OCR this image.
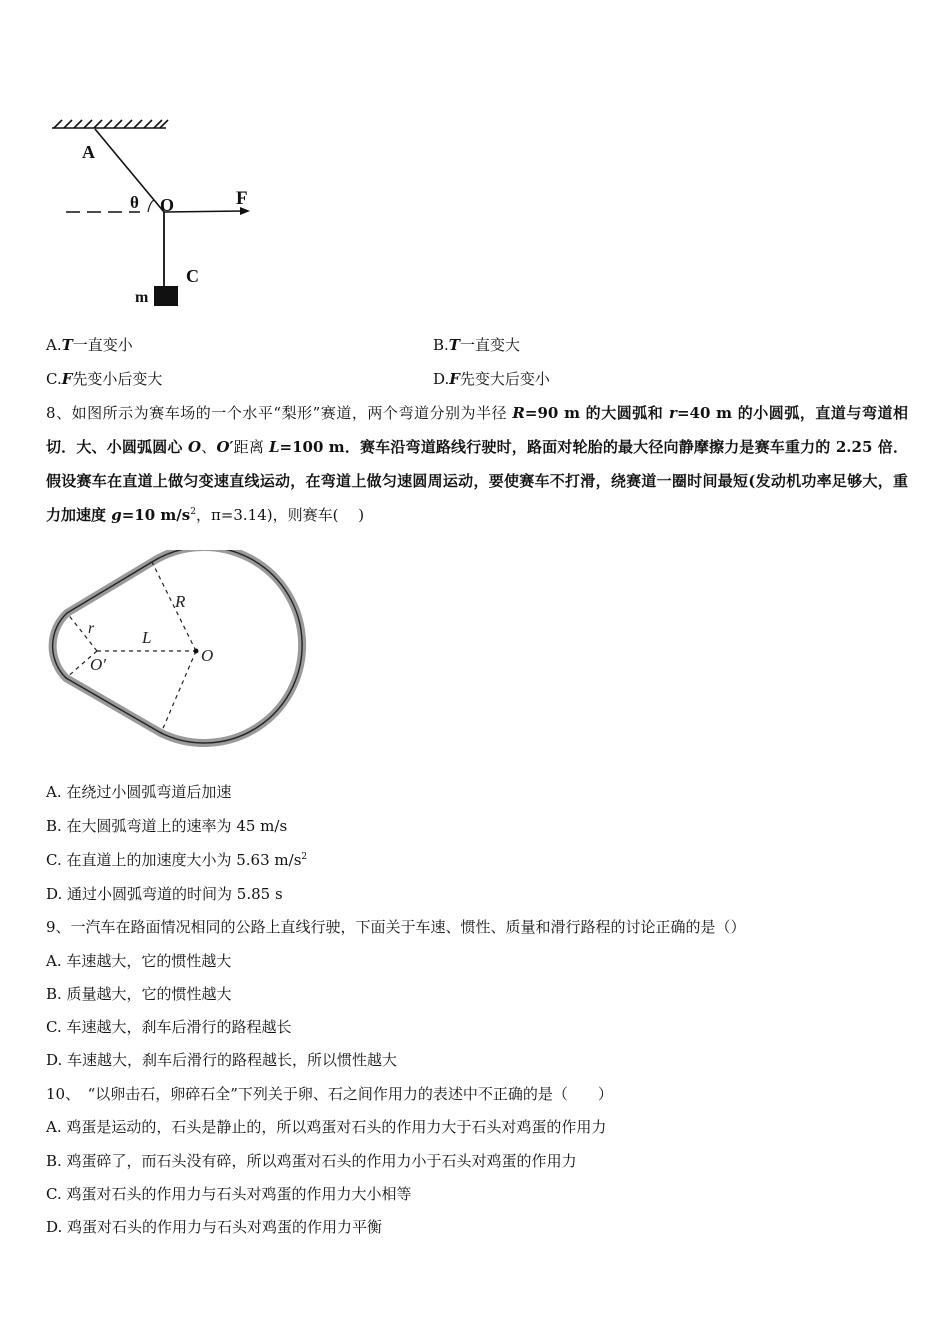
A
θ O	F
C
m
A.T一直变小	B.T一直变大
C.F先变小后变大	D.F先变大后变小
8、如图所示为赛车场的一个水平“梨形”赛道，两个弯道分别为半径 R=90 m 的大圆弧和 r=40 m 的小圆弧，直道与弯道相切．大、小圆弧圆心 O、O′距离 L=100 m．赛车沿弯道路线行驶时，路面对轮胎的最大径向静摩擦力是赛车重力的 2.25 倍．假设赛车在直道上做匀变速直线运动，在弯道上做匀速圆周运动，要使赛车不打滑，绕赛道一圈时间最短(发动机功率足够大，重力加速度 g=10 $m/s^2$，π=3.14)，则赛车(　 )
R
r	L
O
O′
A. 在绕过小圆弧弯道后加速
B. 在大圆弧弯道上的速率为 45 m/s
C. 在直道上的加速度大小为 5.63 $m/s^2$
D. 通过小圆弧弯道的时间为 5.85 s
9、一汽车在路面情况相同的公路上直线行驶，下面关于车速、惯性、质量和滑行路程的讨论正确的是（）
A. 车速越大，它的惯性越大
B. 质量越大，它的惯性越大
C. 车速越大，刹车后滑行的路程越长
D. 车速越大，刹车后滑行的路程越长，所以惯性越大
10、　“以卵击石，卵碎石全”下列关于卵、石之间作用力的表述中不正确的是（　　）
A. 鸡蛋是运动的，石头是静止的，所以鸡蛋对石头的作用力大于石头对鸡蛋的作用力
B. 鸡蛋碎了，而石头没有碎，所以鸡蛋对石头的作用力小于石头对鸡蛋的作用力
C. 鸡蛋对石头的作用力与石头对鸡蛋的作用力大小相等
D. 鸡蛋对石头的作用力与石头对鸡蛋的作用力平衡
